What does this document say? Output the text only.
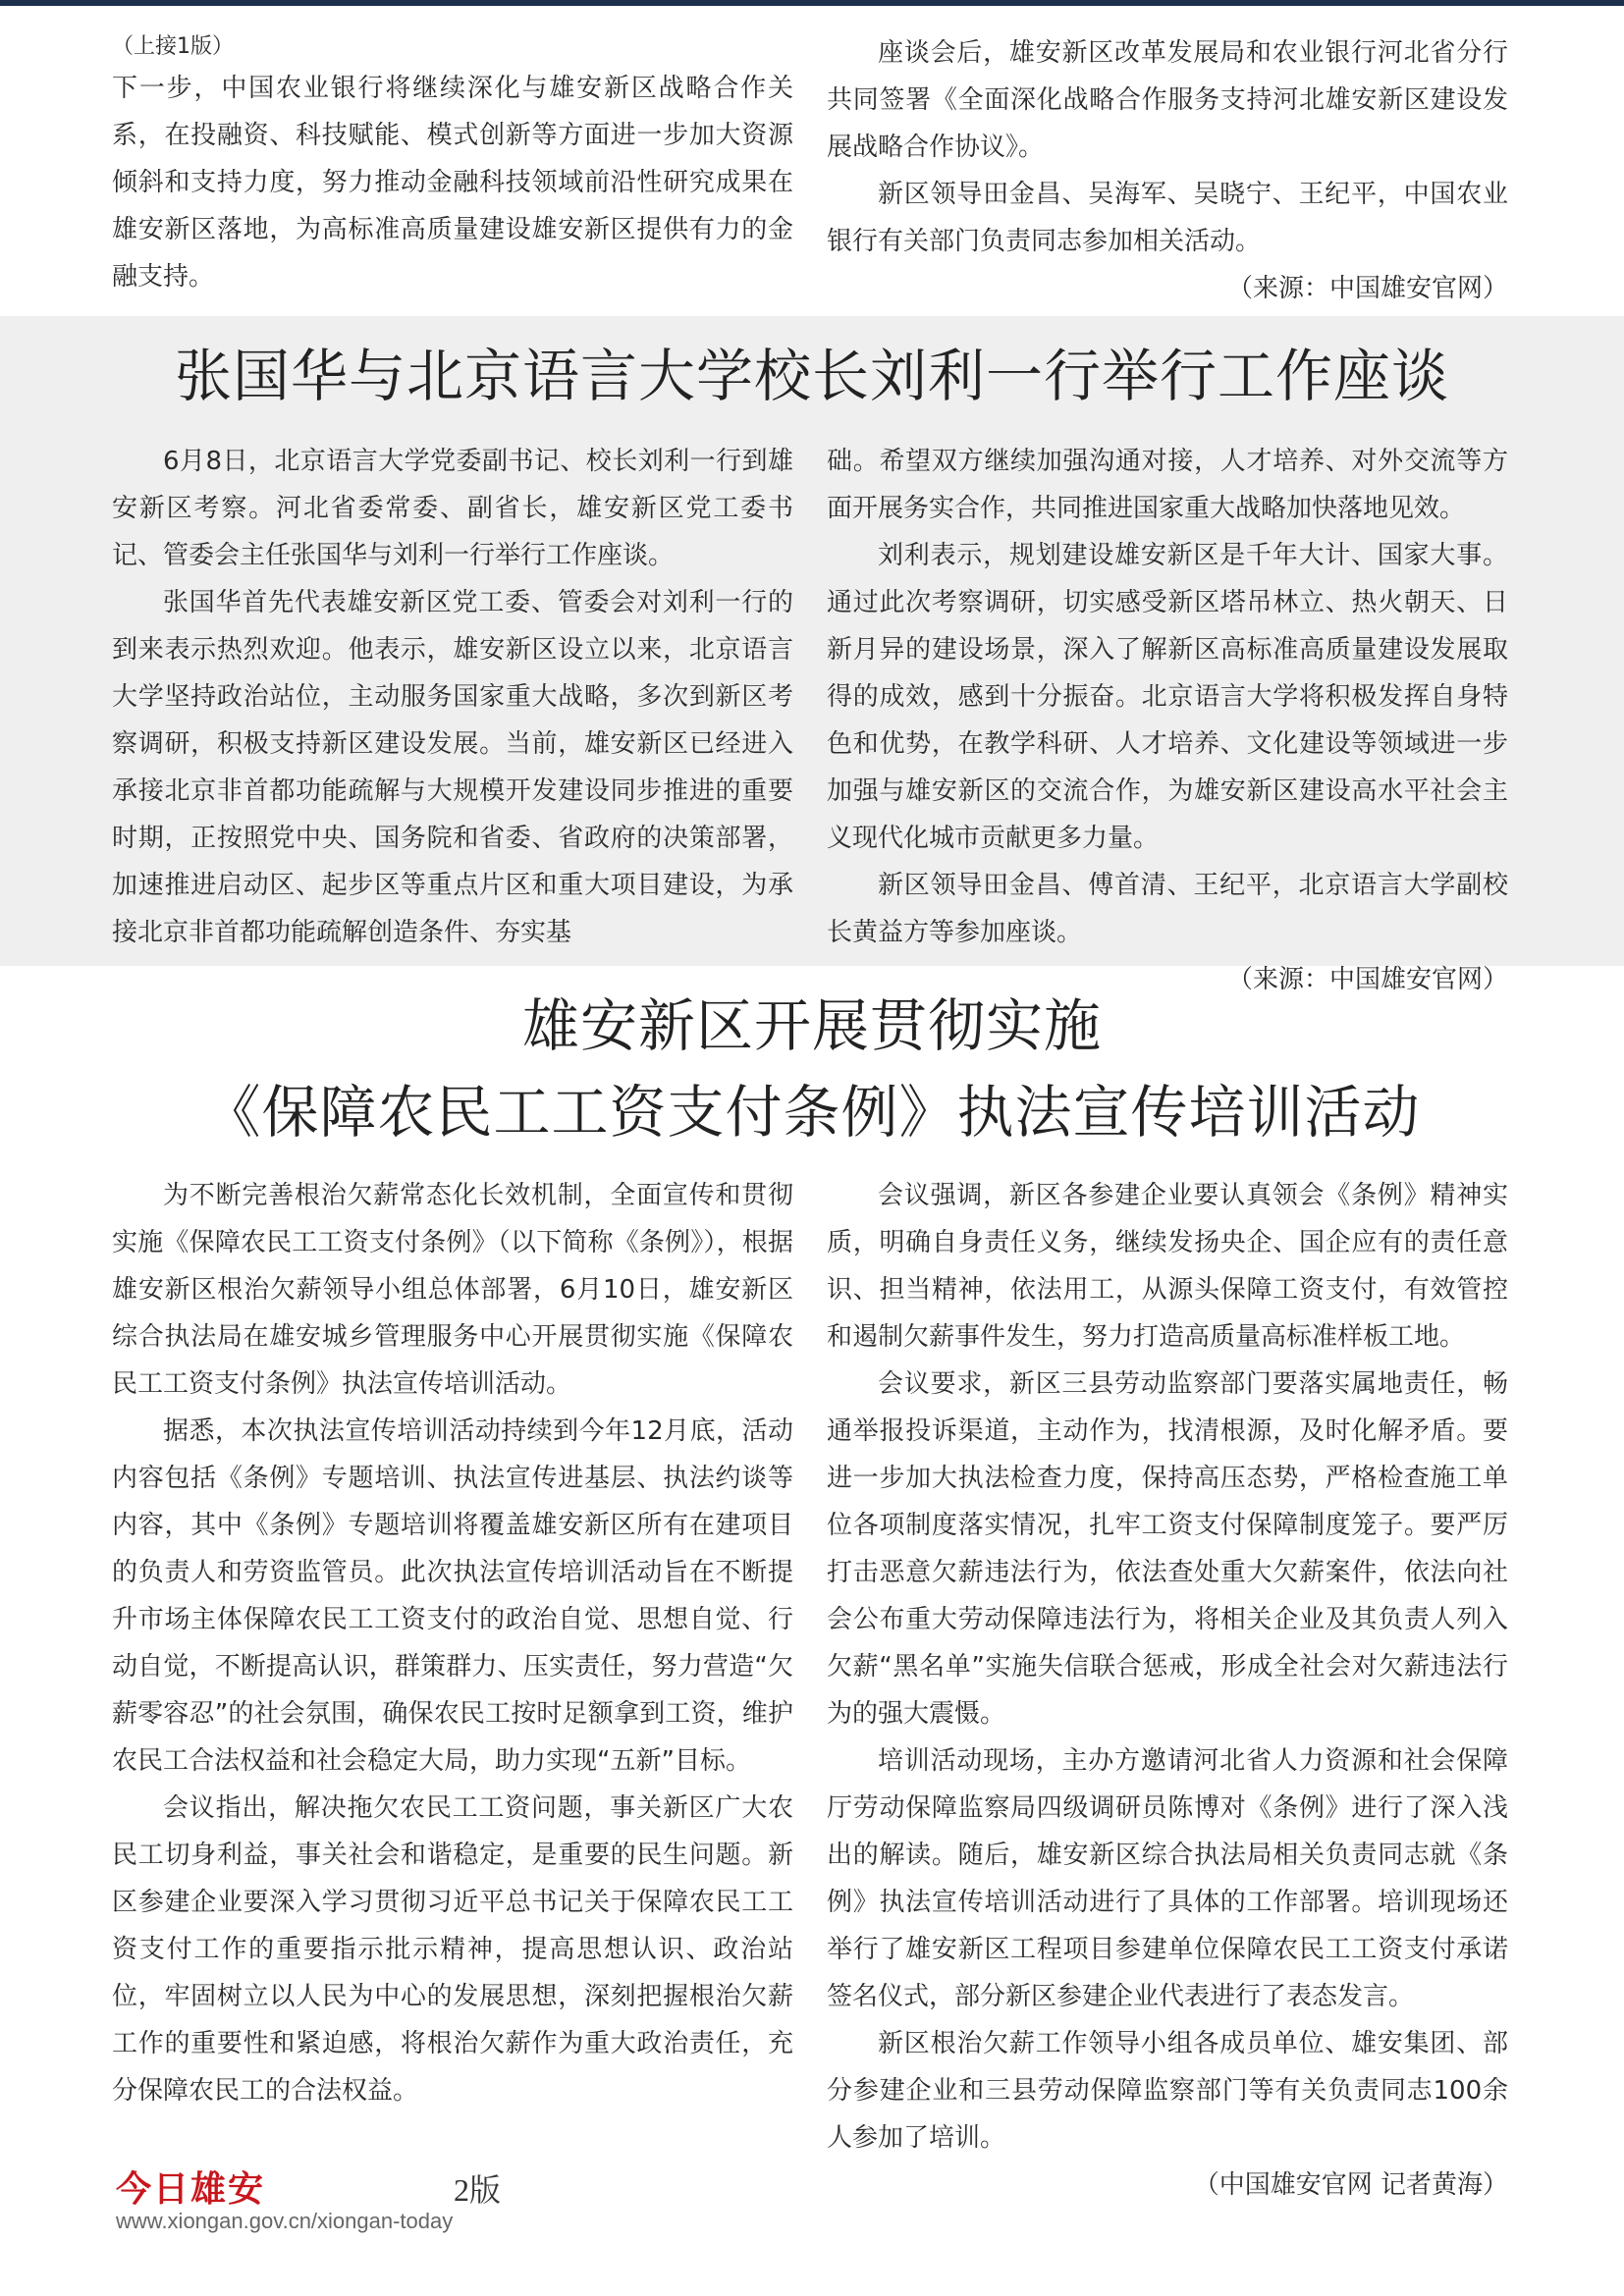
（上接1版）

下一步，中国农业银行将继续深化与雄安新区战略合作关系，在投融资、科技赋能、模式创新等方面进一步加大资源倾斜和支持力度，努力推动金融科技领域前沿性研究成果在雄安新区落地，为高标准高质量建设雄安新区提供有力的金融支持。

座谈会后，雄安新区改革发展局和农业银行河北省分行共同签署《全面深化战略合作服务支持河北雄安新区建设发展战略合作协议》。

新区领导田金昌、吴海军、吴晓宁、王纪平，中国农业银行有关部门负责同志参加相关活动。

（来源：中国雄安官网）

张国华与北京语言大学校长刘利一行举行工作座谈

6月8日，北京语言大学党委副书记、校长刘利一行到雄安新区考察。河北省委常委、副省长，雄安新区党工委书记、管委会主任张国华与刘利一行举行工作座谈。

张国华首先代表雄安新区党工委、管委会对刘利一行的到来表示热烈欢迎。他表示，雄安新区设立以来，北京语言大学坚持政治站位，主动服务国家重大战略，多次到新区考察调研，积极支持新区建设发展。当前，雄安新区已经进入承接北京非首都功能疏解与大规模开发建设同步推进的重要时期，正按照党中央、国务院和省委、省政府的决策部署，加速推进启动区、起步区等重点片区和重大项目建设，为承接北京非首都功能疏解创造条件、夯实基

础。希望双方继续加强沟通对接，人才培养、对外交流等方面开展务实合作，共同推进国家重大战略加快落地见效。

刘利表示，规划建设雄安新区是千年大计、国家大事。通过此次考察调研，切实感受新区塔吊林立、热火朝天、日新月异的建设场景，深入了解新区高标准高质量建设发展取得的成效，感到十分振奋。北京语言大学将积极发挥自身特色和优势，在教学科研、人才培养、文化建设等领域进一步加强与雄安新区的交流合作，为雄安新区建设高水平社会主义现代化城市贡献更多力量。

新区领导田金昌、傅首清、王纪平，北京语言大学副校长黄益方等参加座谈。

（来源：中国雄安官网）

雄安新区开展贯彻实施
《保障农民工工资支付条例》执法宣传培训活动

为不断完善根治欠薪常态化长效机制，全面宣传和贯彻实施《保障农民工工资支付条例》（以下简称《条例》），根据雄安新区根治欠薪领导小组总体部署，6月10日，雄安新区综合执法局在雄安城乡管理服务中心开展贯彻实施《保障农民工工资支付条例》执法宣传培训活动。

据悉，本次执法宣传培训活动持续到今年12月底，活动内容包括《条例》专题培训、执法宣传进基层、执法约谈等内容，其中《条例》专题培训将覆盖雄安新区所有在建项目的负责人和劳资监管员。此次执法宣传培训活动旨在不断提升市场主体保障农民工工资支付的政治自觉、思想自觉、行动自觉，不断提高认识，群策群力、压实责任，努力营造“欠薪零容忍”的社会氛围，确保农民工按时足额拿到工资，维护农民工合法权益和社会稳定大局，助力实现“五新”目标。

会议指出，解决拖欠农民工工资问题，事关新区广大农民工切身利益，事关社会和谐稳定，是重要的民生问题。新区参建企业要深入学习贯彻习近平总书记关于保障农民工工资支付工作的重要指示批示精神，提高思想认识、政治站位，牢固树立以人民为中心的发展思想，深刻把握根治欠薪工作的重要性和紧迫感，将根治欠薪作为重大政治责任，充分保障农民工的合法权益。

会议强调，新区各参建企业要认真领会《条例》精神实质，明确自身责任义务，继续发扬央企、国企应有的责任意识、担当精神，依法用工，从源头保障工资支付，有效管控和遏制欠薪事件发生，努力打造高质量高标准样板工地。

会议要求，新区三县劳动监察部门要落实属地责任，畅通举报投诉渠道，主动作为，找清根源，及时化解矛盾。要进一步加大执法检查力度，保持高压态势，严格检查施工单位各项制度落实情况，扎牢工资支付保障制度笼子。要严厉打击恶意欠薪违法行为，依法查处重大欠薪案件，依法向社会公布重大劳动保障违法行为，将相关企业及其负责人列入欠薪“黑名单”实施失信联合惩戒，形成全社会对欠薪违法行为的强大震慑。

培训活动现场，主办方邀请河北省人力资源和社会保障厅劳动保障监察局四级调研员陈博对《条例》进行了深入浅出的解读。随后，雄安新区综合执法局相关负责同志就《条例》执法宣传培训活动进行了具体的工作部署。培训现场还举行了雄安新区工程项目参建单位保障农民工工资支付承诺签名仪式，部分新区参建企业代表进行了表态发言。

新区根治欠薪工作领导小组各成员单位、雄安集团、部分参建企业和三县劳动保障监察部门等有关负责同志100余人参加了培训。

（中国雄安官网 记者黄海）

今日雄安	2版
www.xiongan.gov.cn/xiongan-today
